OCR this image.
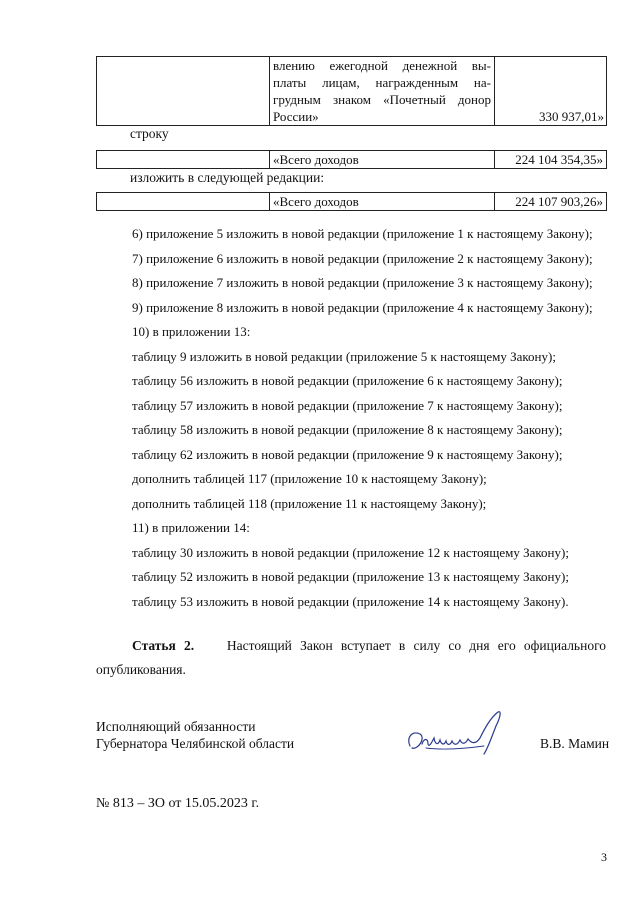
влению ежегодной денежной вы-
платы лицам, награжденным на-
грудным знаком «Почетный донор
России»	330 937,01»
строку
	«Всего доходов	224 104 354,35»
изложить в следующей редакции:
	«Всего доходов	224 107 903,26»
6) приложение 5 изложить в новой редакции (приложение 1 к настоящему Закону);
7) приложение 6 изложить в новой редакции (приложение 2 к настоящему Закону);
8) приложение 7 изложить в новой редакции (приложение 3 к настоящему Закону);
9) приложение 8 изложить в новой редакции (приложение 4 к настоящему Закону);
10) в приложении 13:
таблицу 9 изложить в новой редакции (приложение 5 к настоящему Закону);
таблицу 56 изложить в новой редакции (приложение 6 к настоящему Закону);
таблицу 57 изложить в новой редакции (приложение 7 к настоящему Закону);
таблицу 58 изложить в новой редакции (приложение 8 к настоящему Закону);
таблицу 62 изложить в новой редакции (приложение 9 к настоящему Закону);
дополнить таблицей 117 (приложение 10 к настоящему Закону);
дополнить таблицей 118 (приложение 11 к настоящему Закону);
11) в приложении 14:
таблицу 30 изложить в новой редакции (приложение 12 к настоящему Закону);
таблицу 52 изложить в новой редакции (приложение 13 к настоящему Закону);
таблицу 53 изложить в новой редакции (приложение 14 к настоящему Закону).
Статья 2. Настоящий Закон вступает в силу со дня его официального опубликования.
Исполняющий обязанности
Губернатора Челябинской области	В.В. Мамин
№ 813 – ЗО от 15.05.2023 г.
3
